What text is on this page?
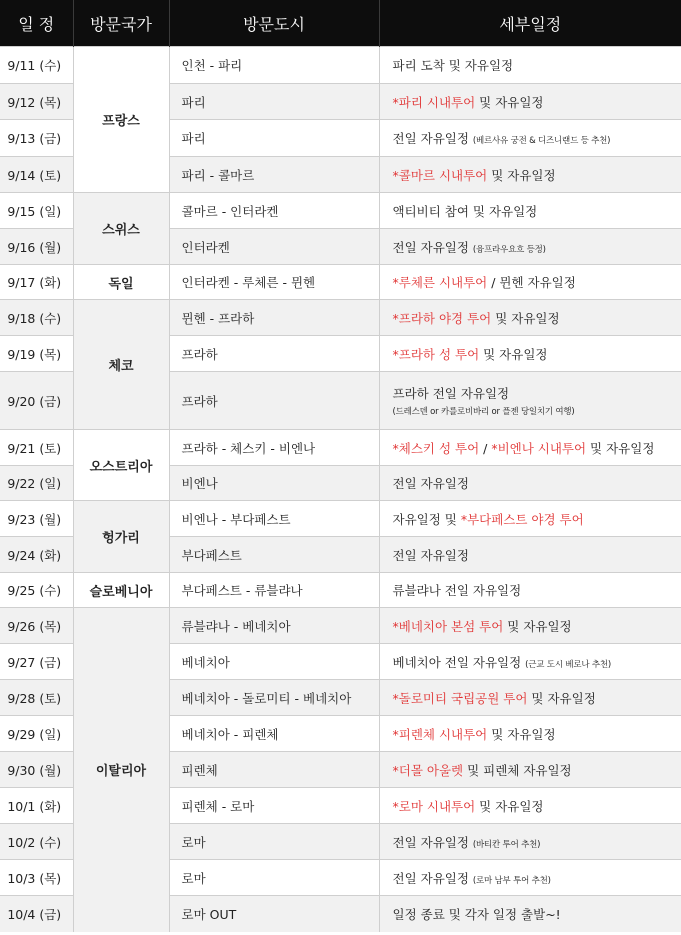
일 정	방문국가	방문도시	세부일정
9/11 (수)	프랑스	인천 - 파리	파리 도착 및 자유일정
9/12 (목)		파리	*파리 시내투어 및 자유일정
9/13 (금)		파리	전일 자유일정 (베르사유 궁전 & 디즈니랜드 등 추천)
9/14 (토)		파리 - 콜마르	*콜마르 시내투어 및 자유일정
9/15 (일)	스위스	콜마르 - 인터라켄	액티비티 참여 및 자유일정
9/16 (월)		인터라켄	전일 자유일정 (융프라우요흐 등정)
9/17 (화)	독일	인터라켄 - 루체른 - 뮌헨	*루체른 시내투어 / 뮌헨 자유일정
9/18 (수)	체코	뮌헨 - 프라하	*프라하 야경 투어 및 자유일정
9/19 (목)		프라하	*프라하 성 투어 및 자유일정
9/20 (금)		프라하	프라하 전일 자유일정
(드레스덴 or 카를로비바리 or 플젠 당일치기 여행)

9/21 (토)	오스트리아	프라하 - 체스키 - 비엔나	*체스키 성 투어 / *비엔나 시내투어 및 자유일정
9/22 (일)		비엔나	전일 자유일정
9/23 (월)	헝가리	비엔나 - 부다페스트	자유일정 및 *부다페스트 야경 투어
9/24 (화)		부다페스트	전일 자유일정
9/25 (수)	슬로베니아	부다페스트 - 류블랴나	류블랴나 전일 자유일정
9/26 (목)	이탈리아	류블랴나 - 베네치아	*베네치아 본섬 투어 및 자유일정
9/27 (금)		베네치아	베네치아 전일 자유일정 (근교 도시 베로나 추천)
9/28 (토)		베네치아 - 돌로미티 - 베네치아	*돌로미티 국립공원 투어 및 자유일정
9/29 (일)		베네치아 - 피렌체	*피렌체 시내투어 및 자유일정
9/30 (월)		피렌체	*더몰 아울렛 및 피렌체 자유일정
10/1 (화)		피렌체 - 로마	*로마 시내투어 및 자유일정
10/2 (수)		로마	전일 자유일정 (바티칸 투어 추천)
10/3 (목)		로마	전일 자유일정 (로마 남부 투어 추천)
10/4 (금)		로마 OUT	일정 종료 및 각자 일정 출발~!
